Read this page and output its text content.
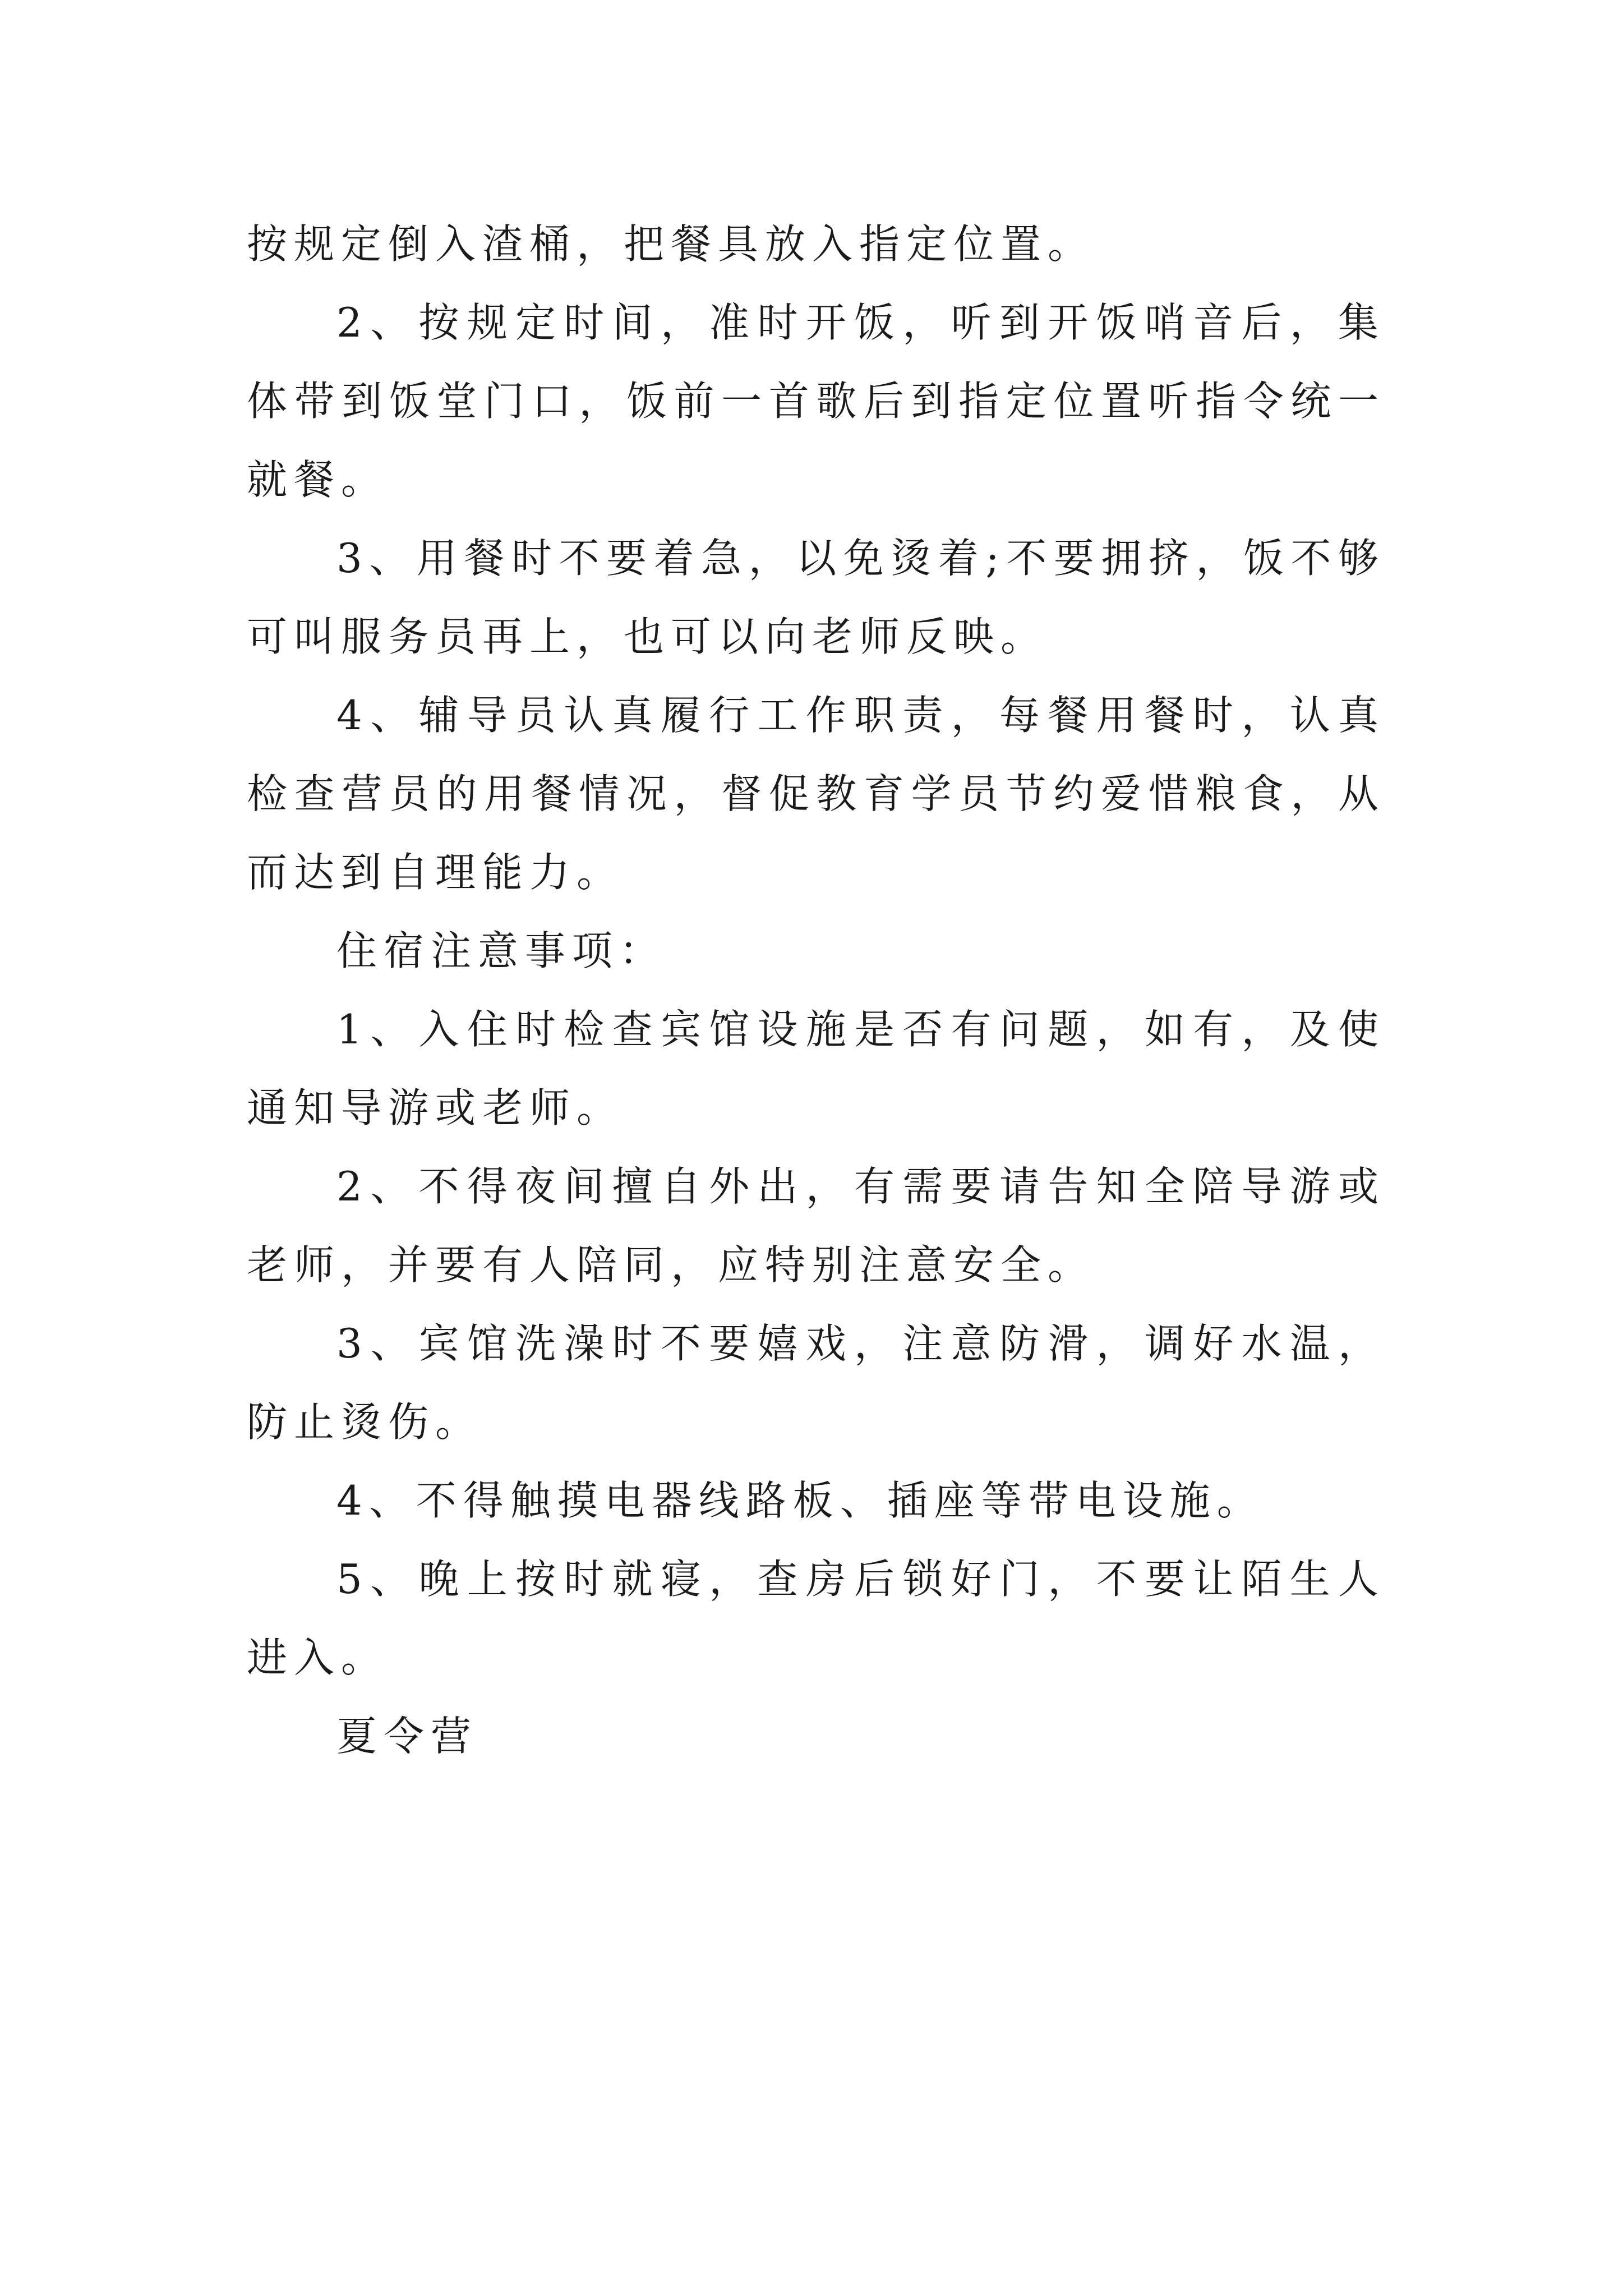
按规定倒入渣桶，把餐具放入指定位置。

2、按规定时间，准时开饭，听到开饭哨音后，集体带到饭堂门口，饭前一首歌后到指定位置听指令统一就餐。

3、用餐时不要着急，以免烫着;不要拥挤，饭不够可叫服务员再上，也可以向老师反映。

4、辅导员认真履行工作职责，每餐用餐时，认真检查营员的用餐情况，督促教育学员节约爱惜粮食，从而达到自理能力。

住宿注意事项：

1、入住时检查宾馆设施是否有问题，如有，及使通知导游或老师。

2、不得夜间擅自外出，有需要请告知全陪导游或老师，并要有人陪同，应特别注意安全。

3、宾馆洗澡时不要嬉戏，注意防滑，调好水温，防止烫伤。

4、不得触摸电器线路板、插座等带电设施。

5、晚上按时就寝，查房后锁好门，不要让陌生人进入。

夏令营
